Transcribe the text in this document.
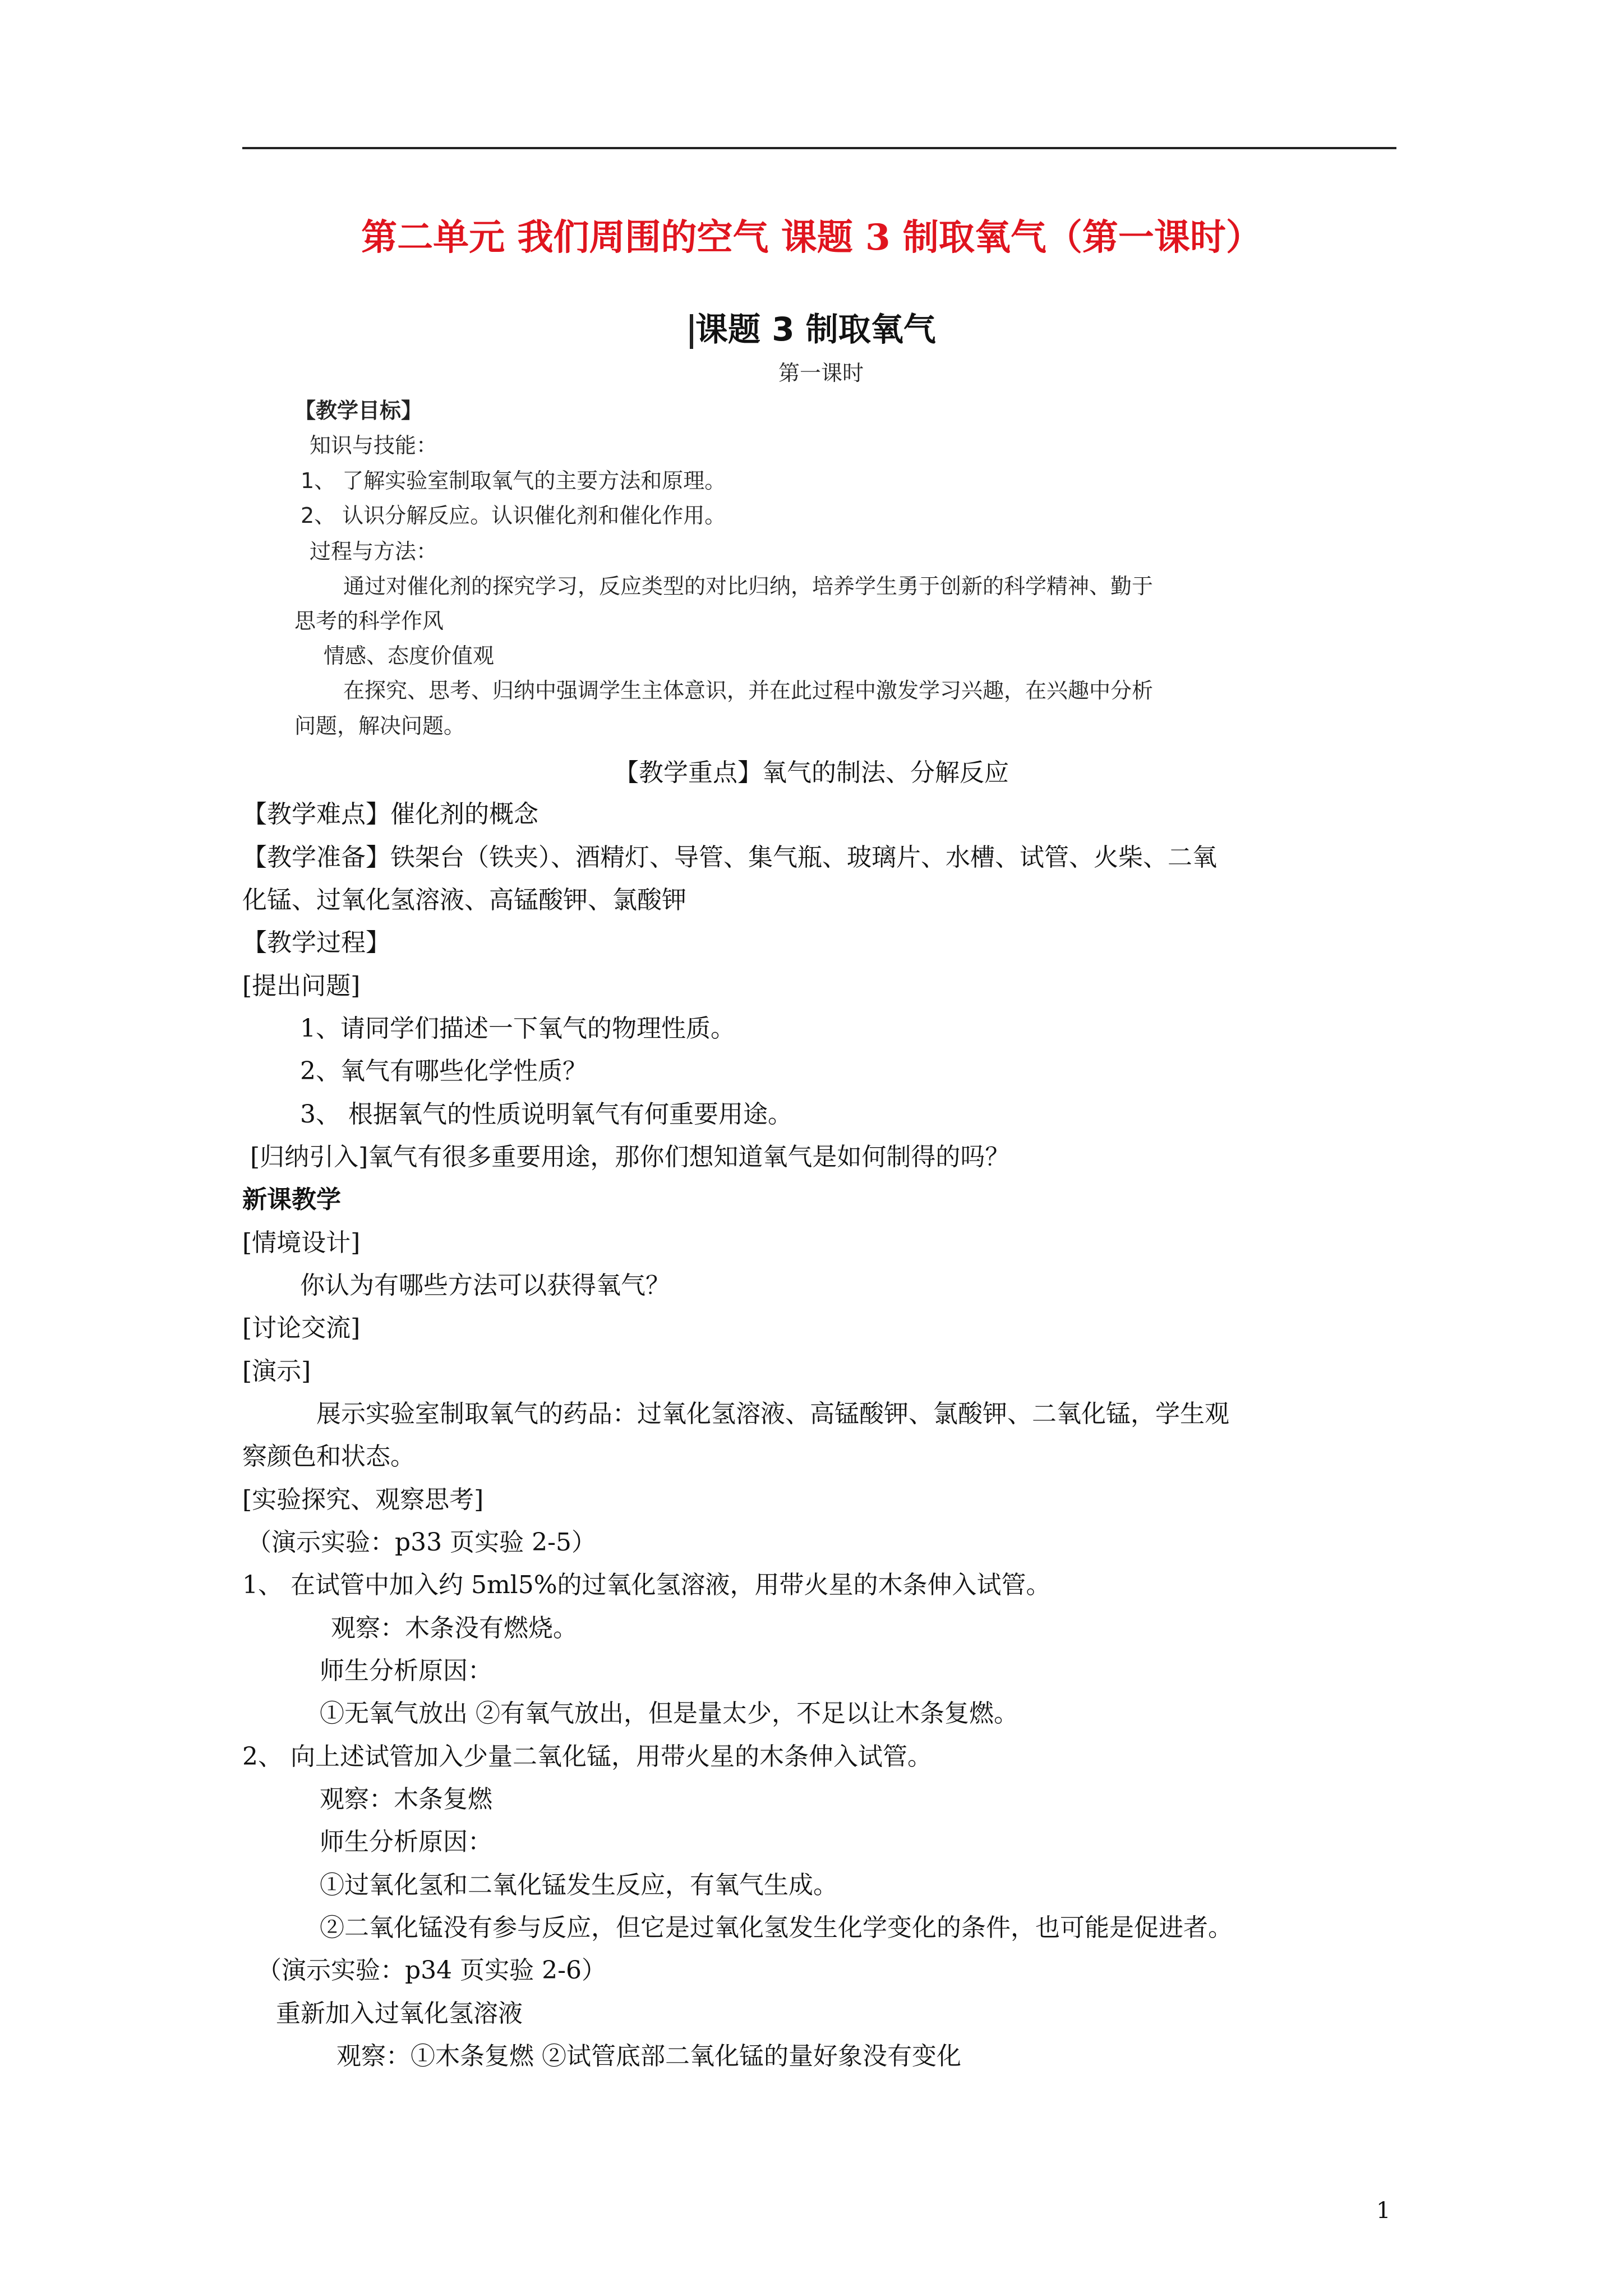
第二单元 我们周围的空气 课题 3 制取氧气（第一课时）
课题 3 制取氧气
第一课时
【教学目标】
知识与技能：
1、 了解实验室制取氧气的主要方法和原理。
2、 认识分解反应。认识催化剂和催化作用。
过程与方法：
通过对催化剂的探究学习，反应类型的对比归纳，培养学生勇于创新的科学精神、勤于
思考的科学作风
情感、态度价值观
在探究、思考、归纳中强调学生主体意识，并在此过程中激发学习兴趣，在兴趣中分析
问题，解决问题。
【教学重点】氧气的制法、分解反应
【教学难点】催化剂的概念
【教学准备】铁架台（铁夹）、酒精灯、导管、集气瓶、玻璃片、水槽、试管、火柴、二氧
化锰、过氧化氢溶液、高锰酸钾、氯酸钾
【教学过程】
[提出问题]
1、请同学们描述一下氧气的物理性质。
2、氧气有哪些化学性质？
3、 根据氧气的性质说明氧气有何重要用途。
[归纳引入]氧气有很多重要用途，那你们想知道氧气是如何制得的吗？
新课教学
[情境设计]
你认为有哪些方法可以获得氧气？
[讨论交流]
[演示]
展示实验室制取氧气的药品：过氧化氢溶液、高锰酸钾、氯酸钾、二氧化锰，学生观
察颜色和状态。
[实验探究、观察思考]
（演示实验：p33 页实验 2-5）
1、 在试管中加入约 5ml5%的过氧化氢溶液，用带火星的木条伸入试管。
观察：木条没有燃烧。
师生分析原因：
①无氧气放出 ②有氧气放出，但是量太少，不足以让木条复燃。
2、 向上述试管加入少量二氧化锰，用带火星的木条伸入试管。
观察：木条复燃
师生分析原因：
①过氧化氢和二氧化锰发生反应，有氧气生成。
②二氧化锰没有参与反应，但它是过氧化氢发生化学变化的条件，也可能是促进者。
（演示实验：p34 页实验 2-6）
重新加入过氧化氢溶液
观察：①木条复燃 ②试管底部二氧化锰的量好象没有变化
1
